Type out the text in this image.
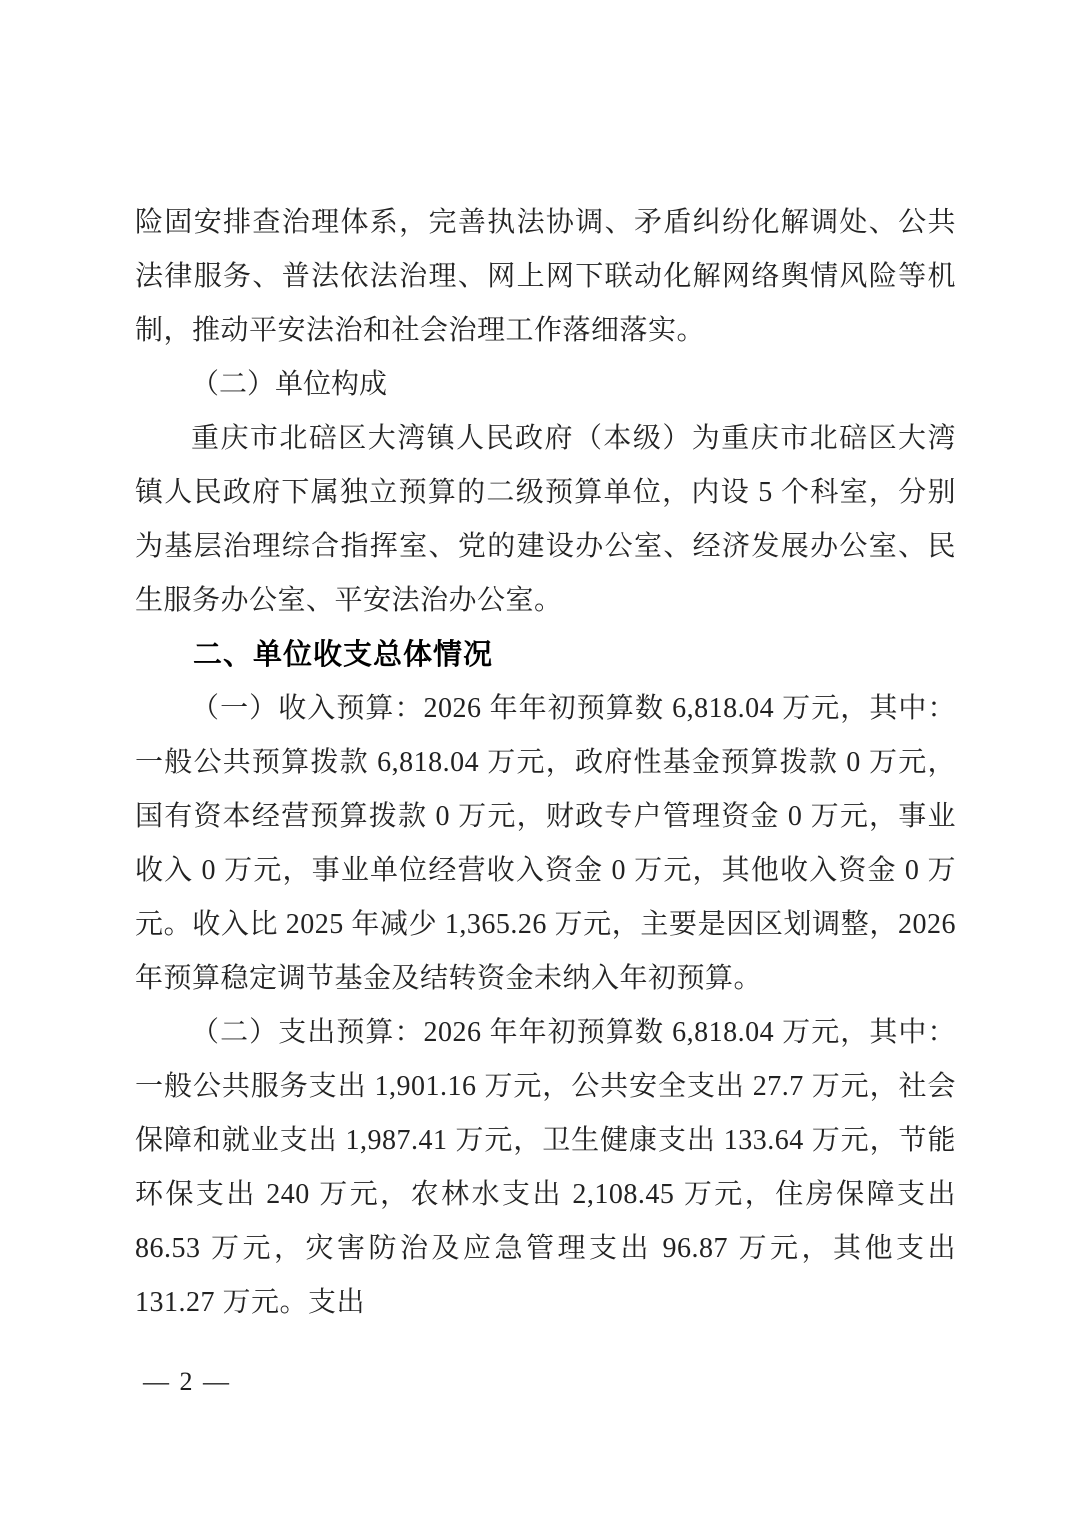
险固安排查治理体系，完善执法协调、矛盾纠纷化解调处、公共法律服务、普法依法治理、网上网下联动化解网络舆情风险等机制，推动平安法治和社会治理工作落细落实。

（二）单位构成

重庆市北碚区大湾镇人民政府（本级）为重庆市北碚区大湾镇人民政府下属独立预算的二级预算单位，内设 5 个科室，分别为基层治理综合指挥室、党的建设办公室、经济发展办公室、民生服务办公室、平安法治办公室。

二、单位收支总体情况

（一）收入预算：2026 年年初预算数 6,818.04 万元，其中：一般公共预算拨款 6,818.04 万元，政府性基金预算拨款 0 万元，国有资本经营预算拨款 0 万元，财政专户管理资金 0 万元，事业收入 0 万元，事业单位经营收入资金 0 万元，其他收入资金 0 万元。收入比 2025 年减少 1,365.26 万元，主要是因区划调整，2026 年预算稳定调节基金及结转资金未纳入年初预算。

（二）支出预算：2026 年年初预算数 6,818.04 万元，其中：一般公共服务支出 1,901.16 万元，公共安全支出 27.7 万元，社会保障和就业支出 1,987.41 万元，卫生健康支出 133.64 万元，节能环保支出 240 万元，农林水支出 2,108.45 万元，住房保障支出 86.53 万元，灾害防治及应急管理支出 96.87 万元，其他支出 131.27 万元。支出

— 2 —
